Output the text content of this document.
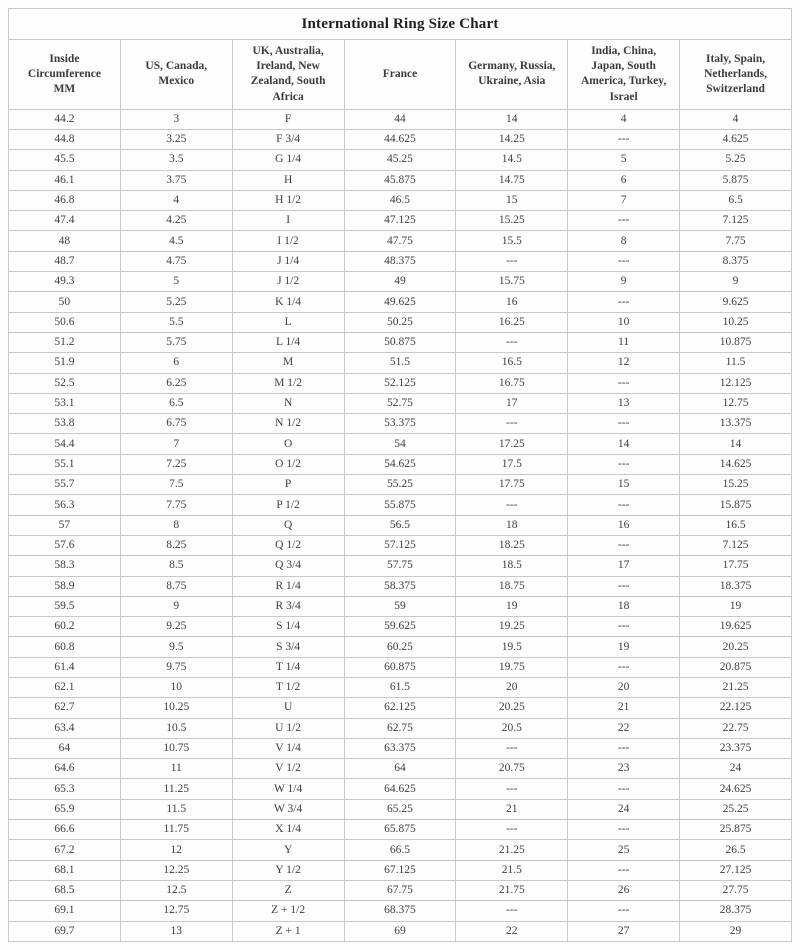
International Ring Size Chart						
Inside Circumference MM	US, Canada, Mexico	UK, Australia, Ireland, New Zealand, South Africa	France	Germany, Russia, Ukraine, Asia	India, China, Japan, South America, Turkey, Israel	Italy, Spain, Netherlands, Switzerland
44.2	3	F	44	14	4	4
44.8	3.25	F 3/4	44.625	14.25	---	4.625
45.5	3.5	G 1/4	45.25	14.5	5	5.25
46.1	3.75	H	45.875	14.75	6	5.875
46.8	4	H 1/2	46.5	15	7	6.5
47.4	4.25	I	47.125	15.25	---	7.125
48	4.5	I 1/2	47.75	15.5	8	7.75
48.7	4.75	J 1/4	48.375	---	---	8.375
49.3	5	J 1/2	49	15.75	9	9
50	5.25	K 1/4	49.625	16	---	9.625
50.6	5.5	L	50.25	16.25	10	10.25
51.2	5.75	L 1/4	50.875	---	11	10.875
51.9	6	M	51.5	16.5	12	11.5
52.5	6.25	M 1/2	52.125	16.75	---	12.125
53.1	6.5	N	52.75	17	13	12.75
53.8	6.75	N 1/2	53.375	---	---	13.375
54.4	7	O	54	17.25	14	14
55.1	7.25	O 1/2	54.625	17.5	---	14.625
55.7	7.5	P	55.25	17.75	15	15.25
56.3	7.75	P 1/2	55.875	---	---	15.875
57	8	Q	56.5	18	16	16.5
57.6	8.25	Q 1/2	57.125	18.25	---	7.125
58.3	8.5	Q 3/4	57.75	18.5	17	17.75
58.9	8.75	R 1/4	58.375	18.75	---	18.375
59.5	9	R 3/4	59	19	18	19
60.2	9.25	S 1/4	59.625	19.25	---	19.625
60.8	9.5	S 3/4	60.25	19.5	19	20.25
61.4	9.75	T 1/4	60.875	19.75	---	20.875
62.1	10	T 1/2	61.5	20	20	21.25
62.7	10.25	U	62.125	20.25	21	22.125
63.4	10.5	U 1/2	62.75	20.5	22	22.75
64	10.75	V 1/4	63.375	---	---	23.375
64.6	11	V 1/2	64	20.75	23	24
65.3	11.25	W 1/4	64.625	---	---	24.625
65.9	11.5	W 3/4	65.25	21	24	25.25
66.6	11.75	X 1/4	65.875	---	---	25.875
67.2	12	Y	66.5	21.25	25	26.5
68.1	12.25	Y 1/2	67.125	21.5	---	27.125
68.5	12.5	Z	67.75	21.75	26	27.75
69.1	12.75	Z + 1/2	68.375	---	---	28.375
69.7	13	Z + 1	69	22	27	29
